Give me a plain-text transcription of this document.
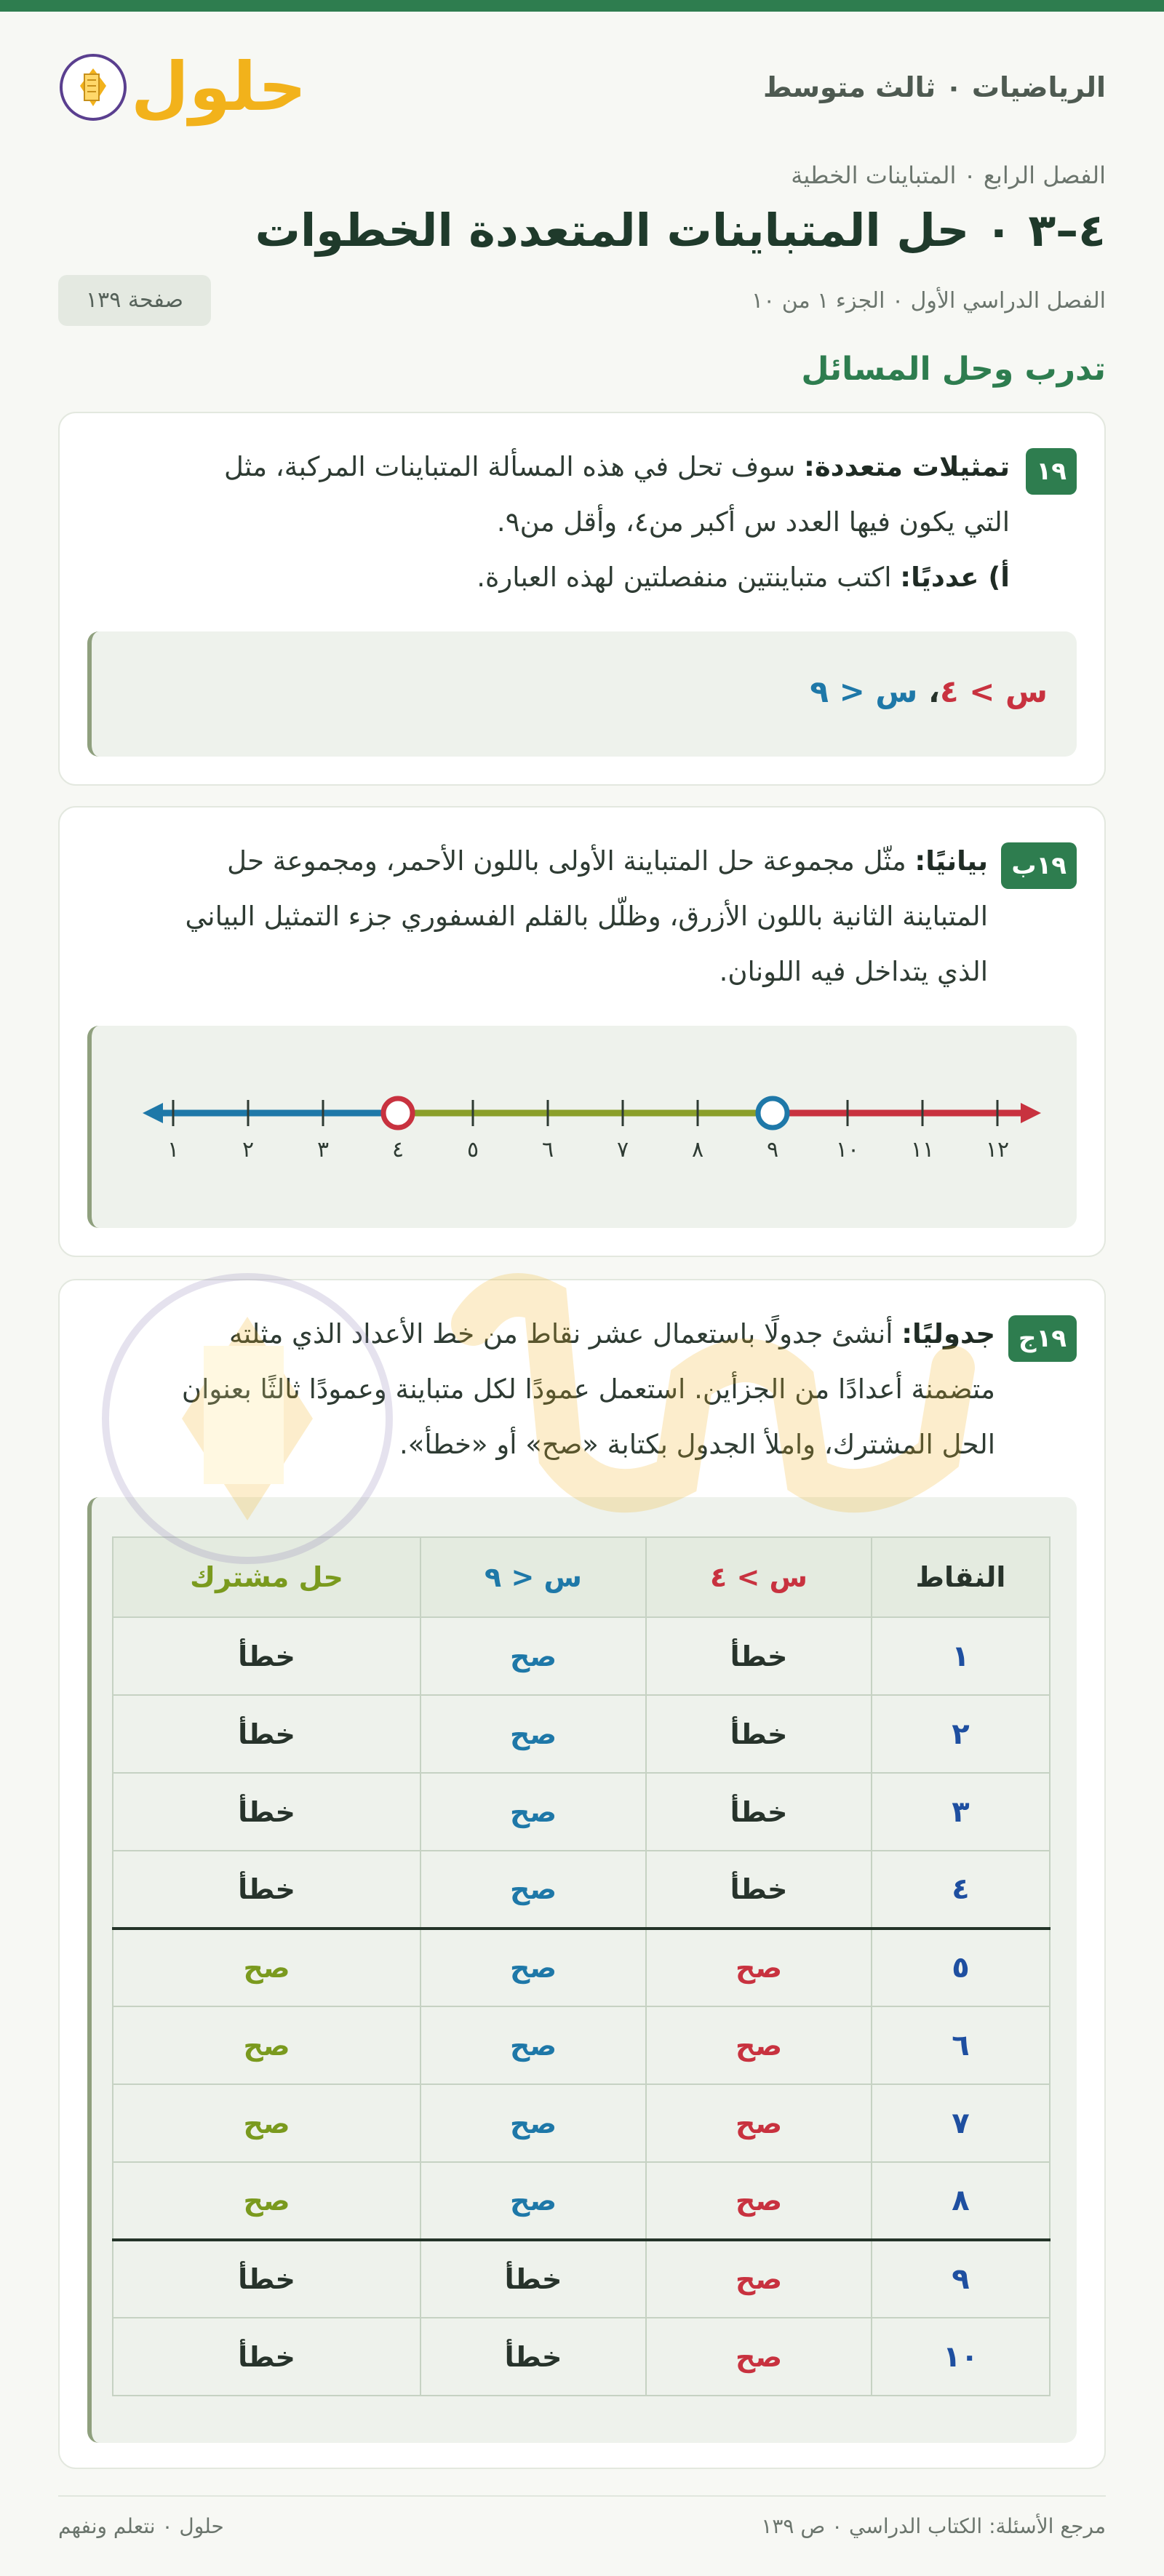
الرياضيات ٠ ثالث متوسط
حلول
الفصل الرابع ٠ المتباينات الخطية
٤–٣ ٠ حل المتباينات المتعددة الخطوات
الفصل الدراسي الأول ٠ الجزء ١ من ١٠
صفحة ١٣٩
تدرب وحل المسائل
١٩
تمثيلات متعددة: سوف تحل في هذه المسألة المتباينات المركبة، مثل
التي يكون فيها العدد س أكبر من٤، وأقل من٩.
أ) عدديًا: اكتب متباينتين منفصلتين لهذه العبارة.
س > ٤، س < ٩
١٩ب
بيانيًا: مثّل مجموعة حل المتباينة الأولى باللون الأحمر، ومجموعة حل
المتباينة الثانية باللون الأزرق، وظلّل بالقلم الفسفوري جزء التمثيل البياني
الذي يتداخل فيه اللونان.
١	٢	٣	٤	٥	٦	٧	٨	٩	١٠ ١١ ١٢
١٩ج
جدوليًا: أنشئ جدولًا باستعمال عشر نقاط من خط الأعداد الذي مثلته
متضمنة أعدادًا من الجزأين. استعمل عمودًا لكل متباينة وعمودًا ثالثًا بعنوان
الحل المشترك، واملأ الجدول بكتابة «صح» أو «خطأ».
النقاط	س > ٤	س < ٩	حل مشترك
١	خطأ	صح	خطأ
٢	خطأ	صح	خطأ
٣	خطأ	صح	خطأ
٤	خطأ	صح	خطأ
٥	صح	صح	صح
٦	صح	صح	صح
٧	صح	صح	صح
٨	صح	صح	صح
٩	صح	خطأ	خطأ
١٠	صح	خطأ	خطأ
مرجع الأسئلة: الكتاب الدراسي ٠ ص ١٣٩
حلول ٠ نتعلم ونفهم
